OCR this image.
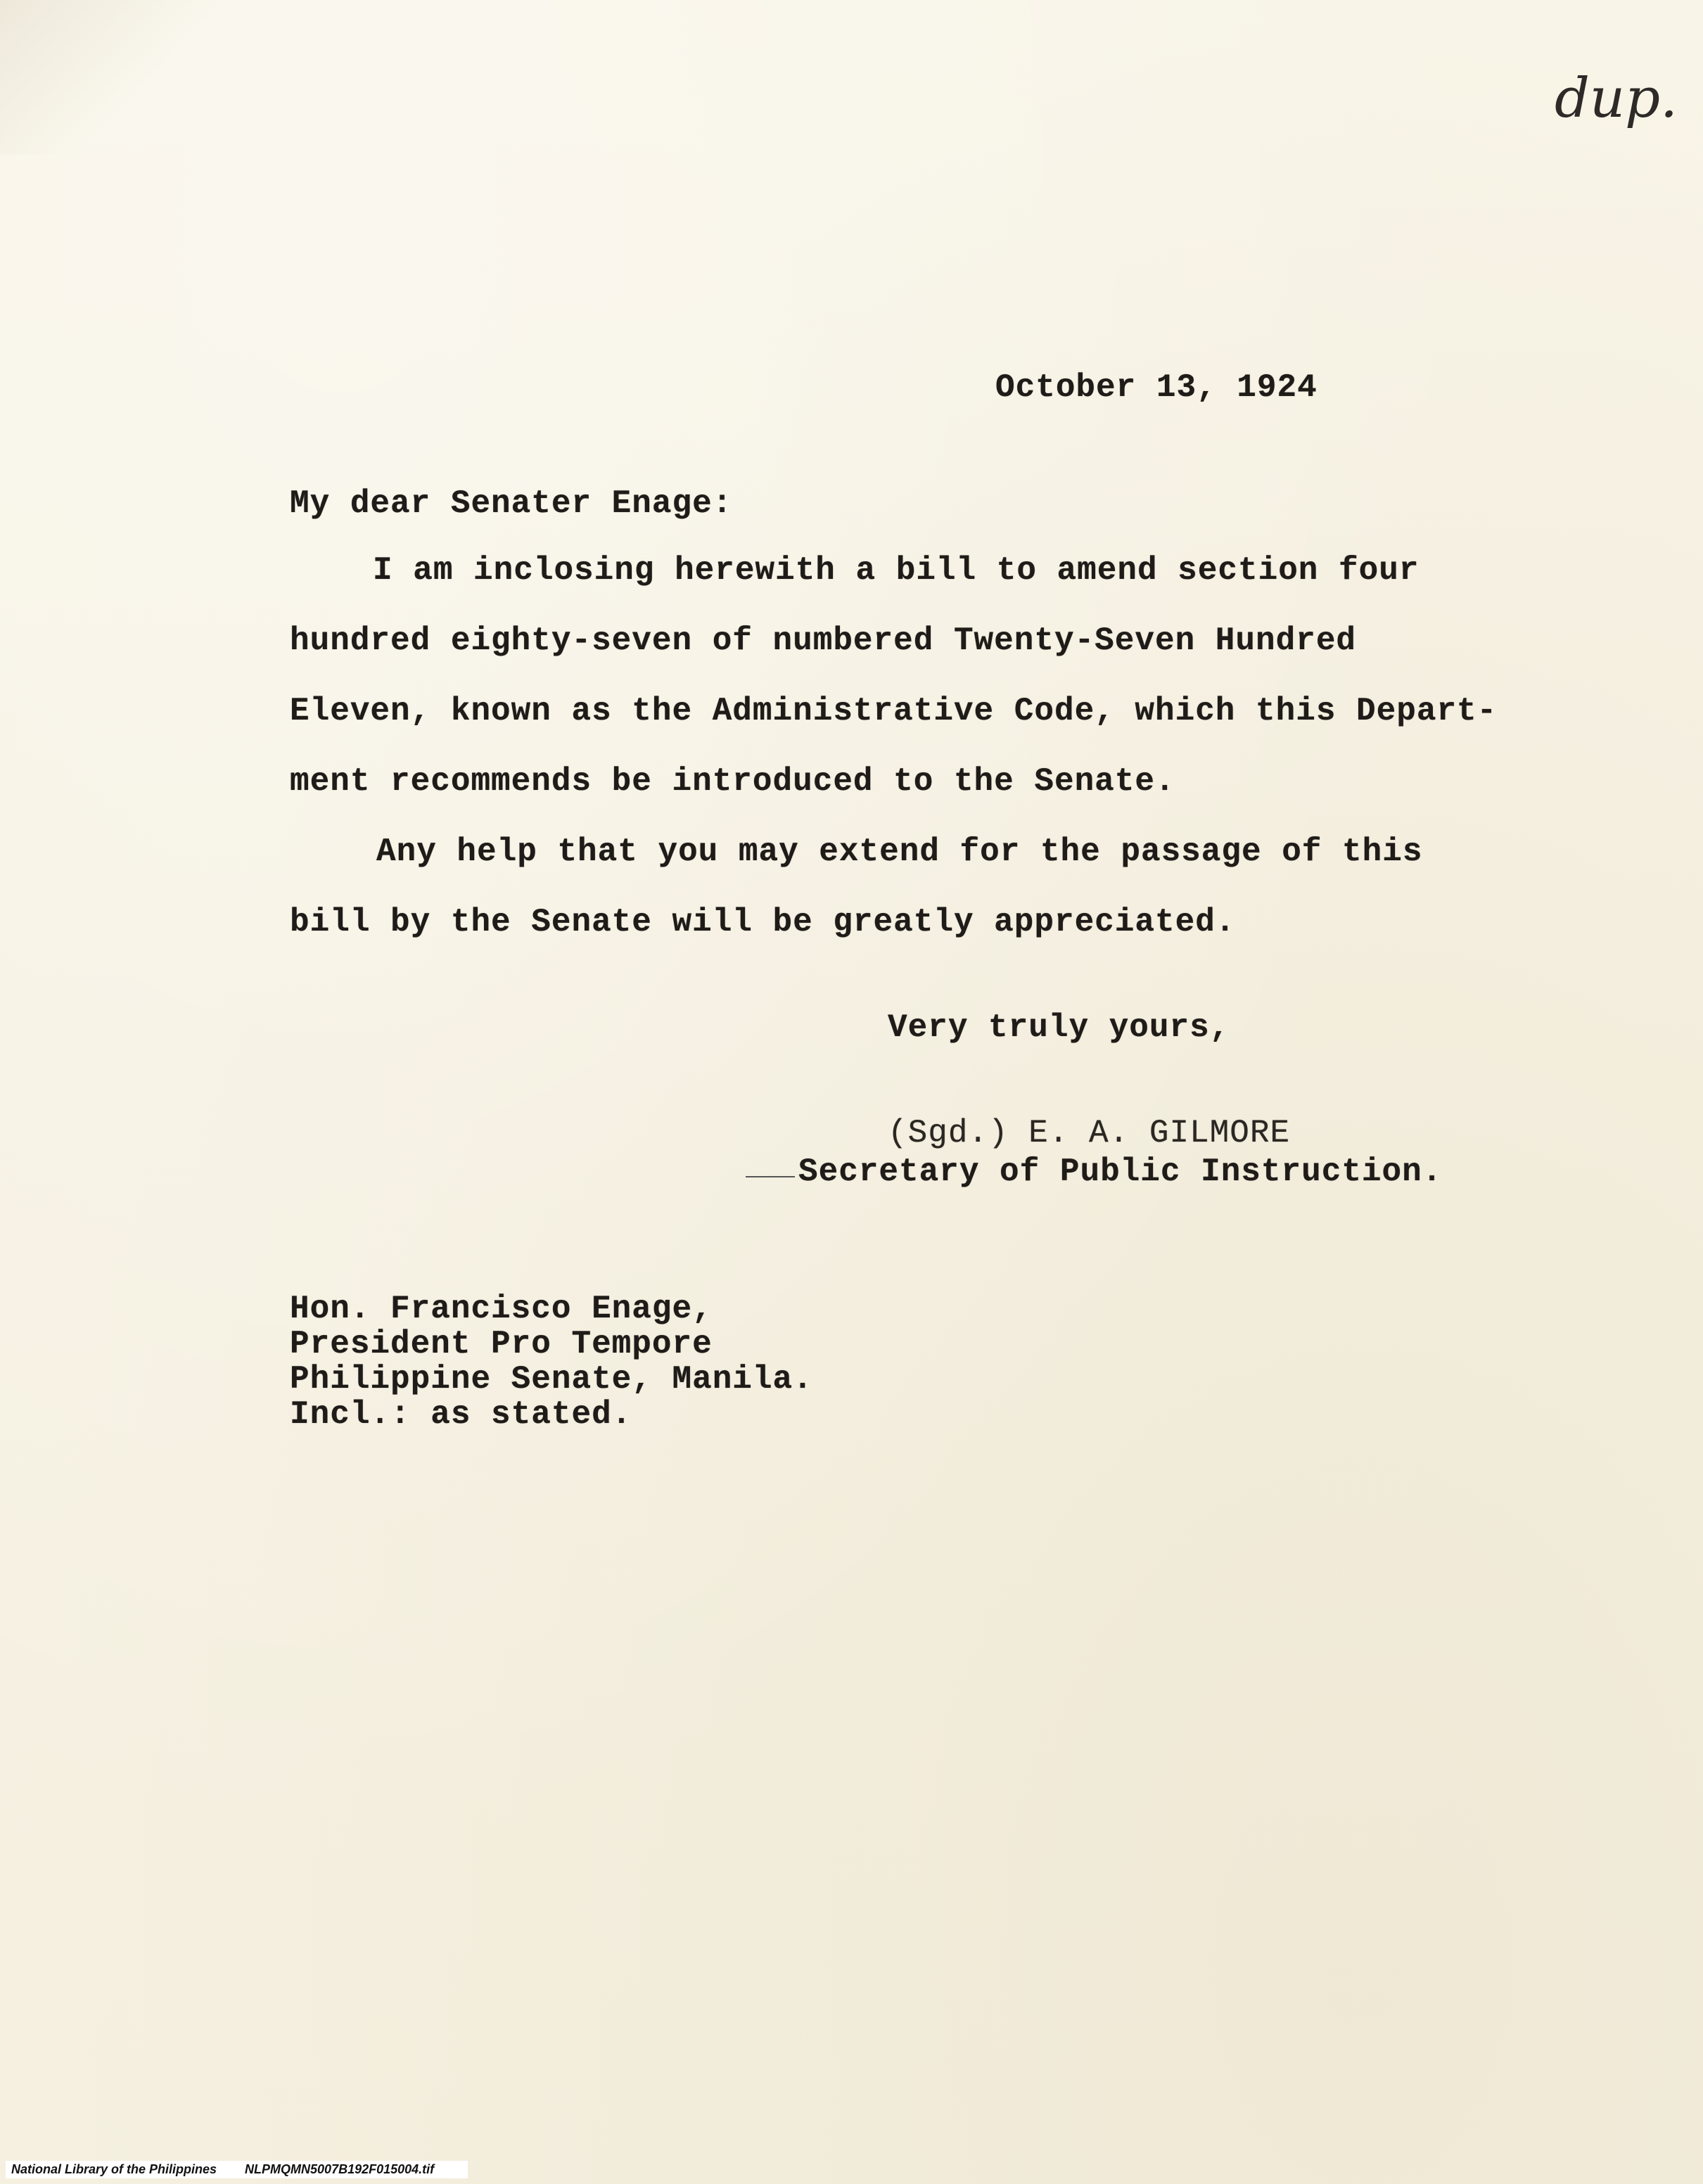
dup.
October 13, 1924
My dear Senater Enage:
I am inclosing herewith a bill to amend section four
hundred eighty-seven of numbered Twenty-Seven Hundred
Eleven, known as the Administrative Code, which this Depart-
ment recommends be introduced to the Senate.
Any help that you may extend for the passage of this
bill by the Senate will be greatly appreciated.
Very truly yours,
(Sgd.) E. A. GILMORE
Secretary of Public Instruction.
Hon. Francisco Enage,
President Pro Tempore
Philippine Senate, Manila.
Incl.: as stated.
National Library of the Philippines NLPMQMN5007B192F015004.tif
